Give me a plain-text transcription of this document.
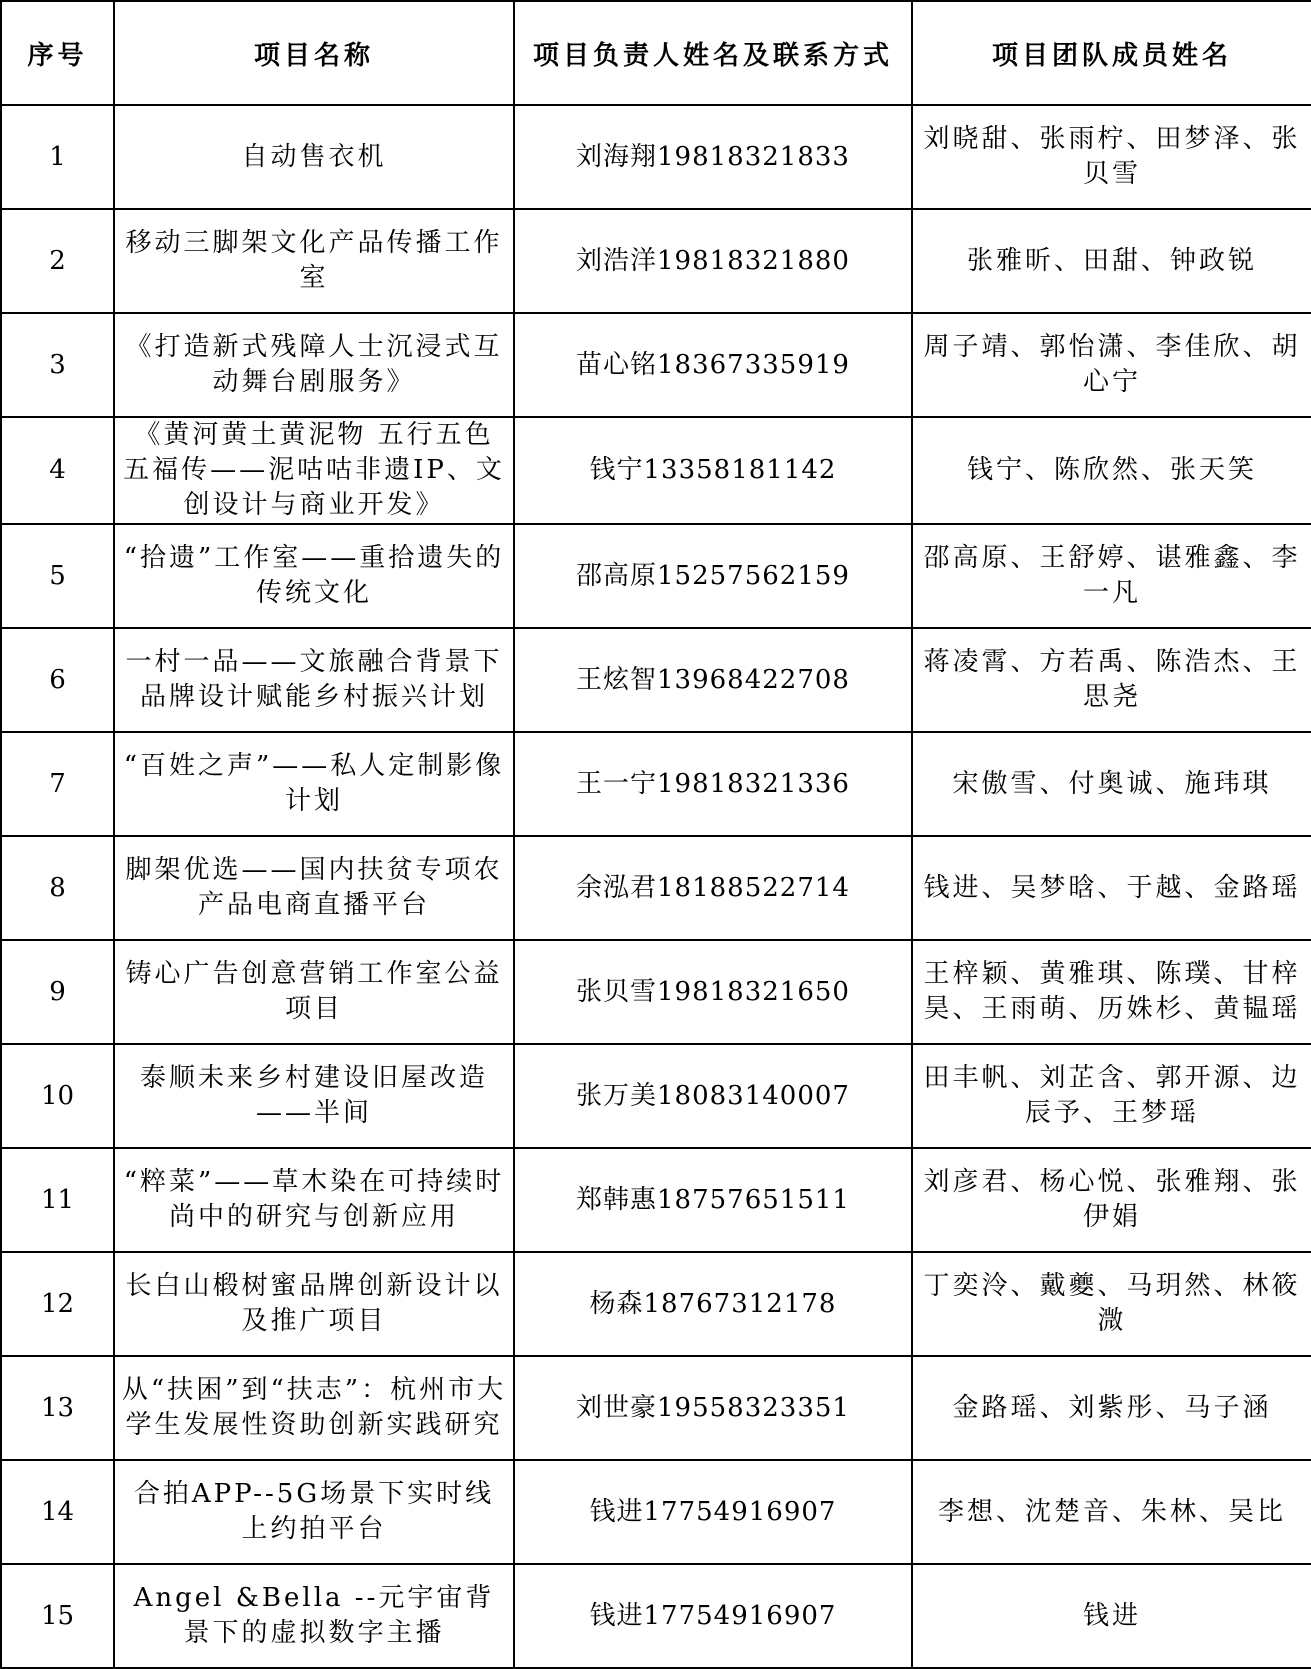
序号	项目名称	项目负责人姓名及联系方式	项目团队成员姓名
1	自动售衣机	刘海翔19818321833	刘晓甜、张雨柠、田梦泽、张贝雪
2	移动三脚架文化产品传播工作室	刘浩洋19818321880	张雅昕、田甜、钟政锐
3	《打造新式残障人士沉浸式互动舞台剧服务》	苗心铭18367335919	周子靖、郭怡潇、李佳欣、胡心宁
4	《黄河黄土黄泥物 五行五色五福传——泥咕咕非遗IP、文创设计与商业开发》	钱宁13358181142	钱宁、陈欣然、张天笑
5	“拾遗”工作室——重拾遗失的传统文化	邵高原15257562159	邵高原、王舒婷、谌雅鑫、李一凡
6	一村一品——文旅融合背景下品牌设计赋能乡村振兴计划	王炫智13968422708	蒋凌霄、方若禹、陈浩杰、王思尧
7	“百姓之声”——私人定制影像计划	王一宁19818321336	宋傲雪、付奥诚、施玮琪
8	脚架优选——国内扶贫专项农产品电商直播平台	余泓君18188522714	钱进、吴梦晗、于越、金路瑶
9	铸心广告创意营销工作室公益项目	张贝雪19818321650	王梓颖、黄雅琪、陈璞、甘梓昊、王雨萌、历姝杉、黄韫瑶
10	泰顺未来乡村建设旧屋改造——半间	张万美18083140007	田丰帆、刘芷含、郭开源、边辰予、王梦瑶
11	“粹菜”——草木染在可持续时尚中的研究与创新应用	郑韩惠18757651511	刘彦君、杨心悦、张雅翔、张伊娟
12	长白山椴树蜜品牌创新设计以及推广项目	杨森18767312178	丁奕泠、戴夔、马玥然、林筱溦
13	从“扶困”到“扶志”：杭州市大学生发展性资助创新实践研究	刘世豪19558323351	金路瑶、刘紫彤、马子涵
14	合拍APP--5G场景下实时线上约拍平台	钱进17754916907	李想、沈楚音、朱林、吴比
15	Angel &Bella --元宇宙背景下的虚拟数字主播	钱进17754916907	钱进
